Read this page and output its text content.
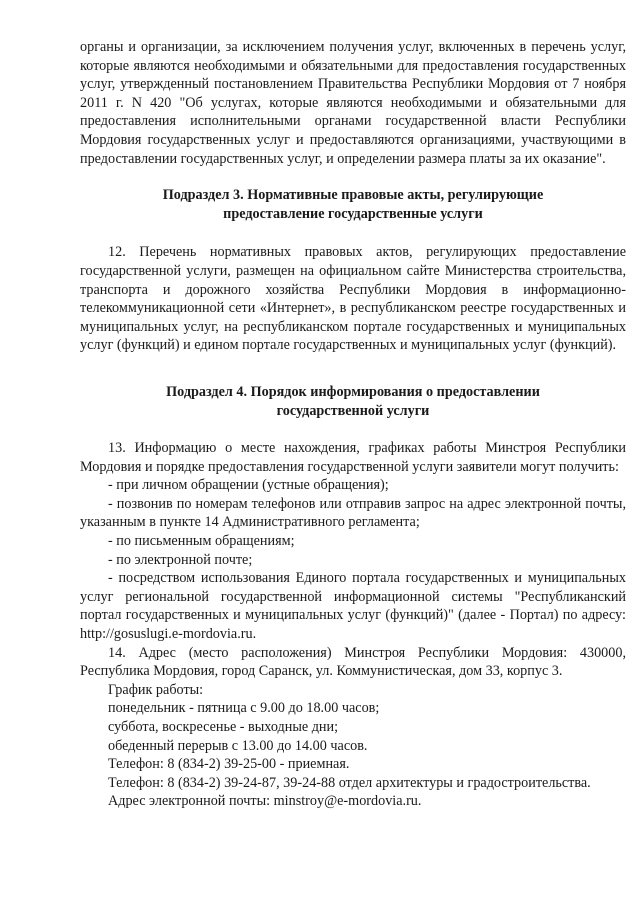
органы и организации, за исключением получения услуг, включенных в перечень услуг, которые являются необходимыми и обязательными для предоставления государственных услуг, утвержденный постановлением Правительства Республики Мордовия от 7 ноября 2011 г. N 420 "Об услугах, которые являются необходимыми и обязательными для предоставления исполнительными органами государственной власти Республики Мордовия государственных услуг и предоставляются организациями, участвующими в предоставлении государственных услуг, и определении размера платы за их оказание".

Подраздел 3. Нормативные правовые акты, регулирующие

предоставление государственные услуги

12. Перечень нормативных правовых актов, регулирующих предоставление государственной услуги, размещен на официальном сайте Министерства строительства, транспорта и дорожного хозяйства Республики Мордовия в информационно-телекоммуникационной сети «Интернет», в республиканском реестре государственных и муниципальных услуг, на республиканском портале государственных и муниципальных услуг (функций) и едином портале государственных и муниципальных услуг (функций).

Подраздел 4. Порядок информирования о предоставлении

государственной услуги

13. Информацию о месте нахождения, графиках работы Минстроя Республики Мордовия и порядке предоставления государственной услуги заявители могут получить:

- при личном обращении (устные обращения);

- позвонив по номерам телефонов или отправив запрос на адрес электронной почты, указанным в пункте 14 Административного регламента;

- по письменным обращениям;

- по электронной почте;

- посредством использования Единого портала государственных и муниципальных услуг региональной государственной информационной системы "Республиканский портал государственных и муниципальных услуг (функций)" (далее - Портал) по адресу: http://gosuslugi.e-mordovia.ru.

14. Адрес (место расположения) Минстроя Республики Мордовия: 430000, Республика Мордовия, город Саранск, ул. Коммунистическая, дом 33, корпус 3.

График работы:

понедельник - пятница с 9.00 до 18.00 часов;

суббота, воскресенье - выходные дни;

обеденный перерыв с 13.00 до 14.00 часов.

Телефон: 8 (834-2) 39-25-00 - приемная.

Телефон: 8 (834-2) 39-24-87, 39-24-88 отдел архитектуры и градостроительства.

Адрес электронной почты: minstroy@e-mordovia.ru.
